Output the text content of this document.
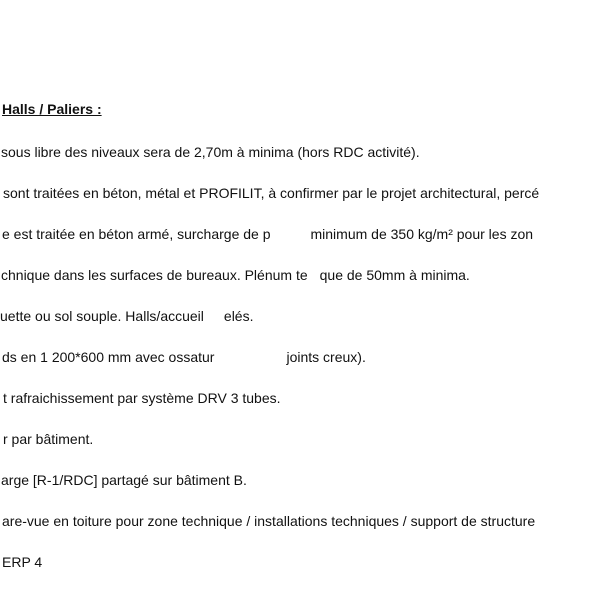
Halls / Paliers :
sous libre des niveaux sera de 2,70m à minima (hors RDC activité).
sont traitées en béton, métal et PROFILIT, à confirmer par le projet architectural, percé
e est traitée en béton armé, surcharge de p	minimum de 350 kg/m² pour les zon
chnique dans les surfaces de bureaux. Plénum te que de 50mm à minima.
uette ou sol souple. Halls/accueil elés.
ds en 1 200*600 mm avec ossatur	joints creux).
t rafraichissement par système DRV 3 tubes.
r par bâtiment.
arge [R-1/RDC] partagé sur bâtiment B.
are-vue en toiture pour zone technique / installations techniques / support de structure
ERP 4
